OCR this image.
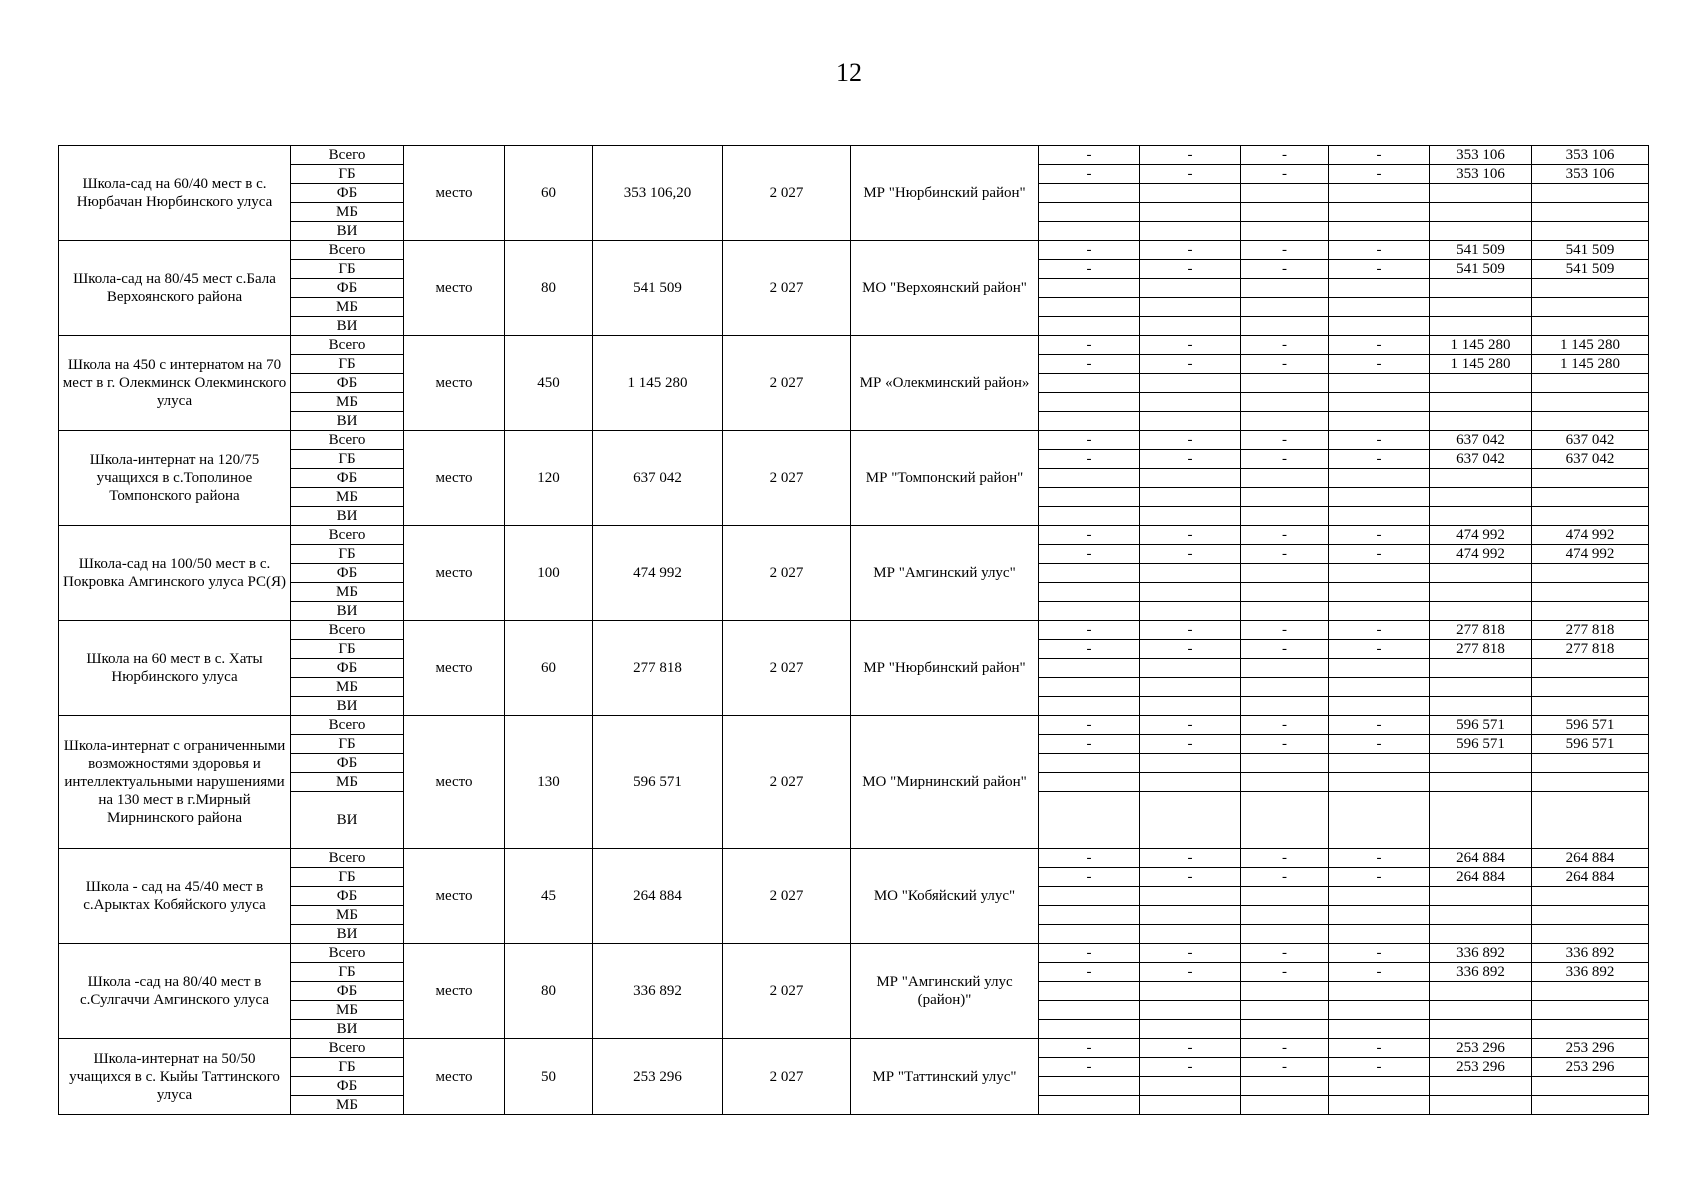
12
Школа-сад на 60/40 мест в с. Нюрбачан Нюрбинского улуса	Всего	место	60	353 106,20	2 027	МР "Нюрбинский район"	-	-	-	-	353 106	353 106
	ГБ						-	-	-	-	353 106	353 106
	ФБ											
	МБ											
	ВИ											
Школа-сад на 80/45 мест с.Бала Верхоянского района	Всего	место	80	541 509	2 027	МО "Верхоянский район"	-	-	-	-	541 509	541 509
	ГБ						-	-	-	-	541 509	541 509
	ФБ											
	МБ											
	ВИ											
Школа на 450 с интернатом на 70 мест в г. Олекминск Олекминского улуса	Всего	место	450	1 145 280	2 027	МР «Олекминский район»	-	-	-	-	1 145 280	1 145 280
	ГБ						-	-	-	-	1 145 280	1 145 280
	ФБ											
	МБ											
	ВИ											
Школа-интернат на 120/75 учащихся в с.Тополиное Томпонского района	Всего	место	120	637 042	2 027	МР "Томпонский район"	-	-	-	-	637 042	637 042
	ГБ						-	-	-	-	637 042	637 042
	ФБ											
	МБ											
	ВИ											
Школа-сад на 100/50 мест в с. Покровка Амгинского улуса РС(Я)	Всего	место	100	474 992	2 027	МР "Амгинский улус"	-	-	-	-	474 992	474 992
	ГБ						-	-	-	-	474 992	474 992
	ФБ											
	МБ											
	ВИ											
Школа на 60 мест в с. Хаты Нюрбинского улуса	Всего	место	60	277 818	2 027	МР "Нюрбинский район"	-	-	-	-	277 818	277 818
	ГБ						-	-	-	-	277 818	277 818
	ФБ											
	МБ											
	ВИ											
Школа-интернат с ограниченными возможностями здоровья и интеллектуальными нарушениями на 130 мест в г.Мирный Мирнинского района	Всего	место	130	596 571	2 027	МО "Мирнинский район"	-	-	-	-	596 571	596 571
	ГБ						-	-	-	-	596 571	596 571
	ФБ											
	МБ											
	ВИ											
Школа - сад на 45/40 мест в с.Арыктах Кобяйского улуса	Всего	место	45	264 884	2 027	МО "Кобяйский улус"	-	-	-	-	264 884	264 884
	ГБ						-	-	-	-	264 884	264 884
	ФБ											
	МБ											
	ВИ											
Школа -сад на 80/40 мест в с.Сулгаччи Амгинского улуса	Всего	место	80	336 892	2 027	МР "Амгинский улус (район)"	-	-	-	-	336 892	336 892
	ГБ						-	-	-	-	336 892	336 892
	ФБ											
	МБ											
	ВИ											
Школа-интернат на 50/50 учащихся в с. Кыйы Таттинского улуса	Всего	место	50	253 296	2 027	МР "Таттинский улус"	-	-	-	-	253 296	253 296
	ГБ						-	-	-	-	253 296	253 296
	ФБ											
	МБ											
